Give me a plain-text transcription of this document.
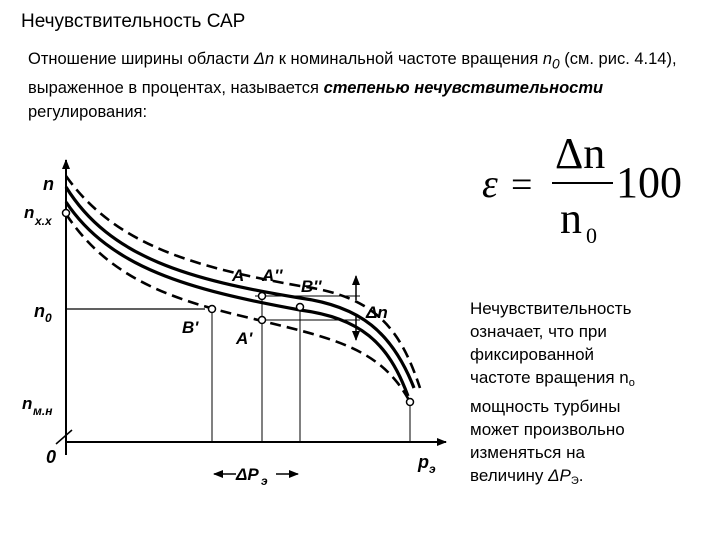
Нечувствительность САР
Отношение ширины области Δn к номинальной частоте вращения $n_0$ (см. рис. 4.14), выраженное в процентах, называется степенью нечувствительности регулирования:
Нечувствительность
означает, что при
фиксированной
частоте вращения $n_o$
мощность турбины
может произвольно
изменяться на
величину $\Delta P_Э$.
ε =
Δn
n 0
100
n
n х.х
n 0
n м.н
0	p э
ΔP э
Δn
A A''
B''
B'
A'
